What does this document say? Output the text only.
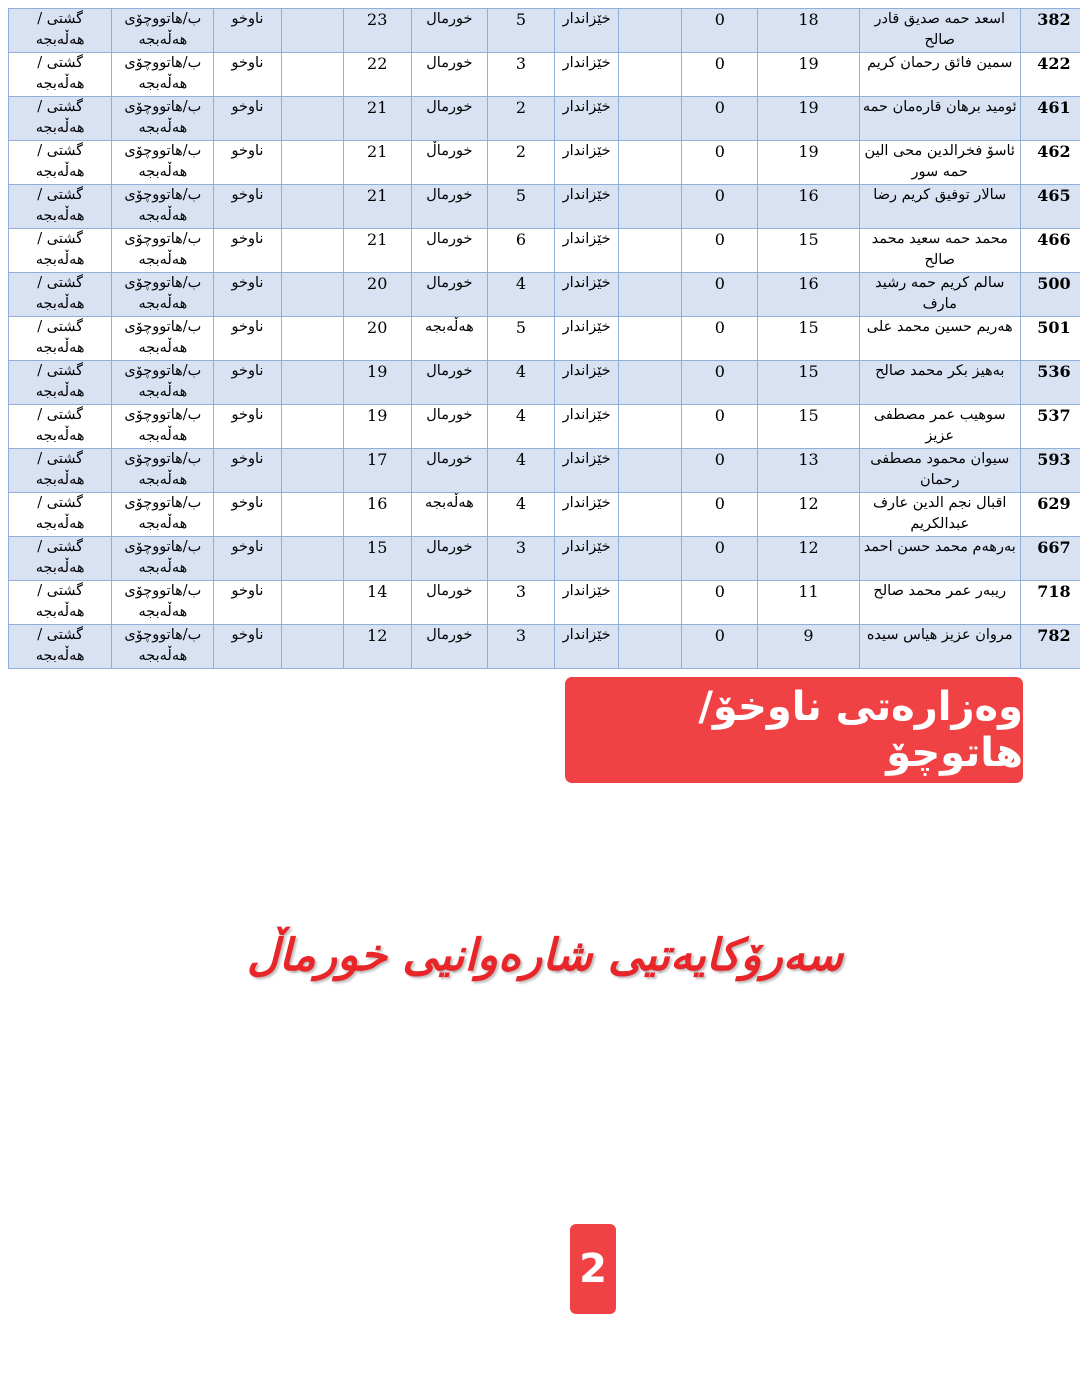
382	اسعد حمه صديق قادر صالح	18	0		خێزاندار	5	خورمال	23		ناوخو	ب/هاتووچۆی هەڵەبجە	گشتی / هەڵەبجە
422	سمين فائق رحمان كريم	19	0		خێزاندار	3	خورمال	22		ناوخو	ب/هاتووچۆی هەڵەبجە	گشتی / هەڵەبجە
461	ئوميد برهان قارەمان حمە	19	0		خێزاندار	2	خورمال	21		ناوخو	ب/هاتووچۆی هەڵەبجە	گشتی / هەڵەبجە
462	ئاسۆ فخرالدين محی الين حمه سور	19	0		خێزاندار	2	خورماڵ	21		ناوخو	ب/هاتووچۆی هەڵەبجە	گشتی / هەڵەبجە
465	سالار توفيق كريم رضا	16	0		خێزاندار	5	خورمال	21		ناوخو	ب/هاتووچۆی هەڵەبجە	گشتی / هەڵەبجە
466	محمد حمه سعيد محمد صالح	15	0		خێزاندار	6	خورمال	21		ناوخو	ب/هاتووچۆی هەڵەبجە	گشتی / هەڵەبجە
500	سالم كريم حمه رشيد مارف	16	0		خێزاندار	4	خورمال	20		ناوخو	ب/هاتووچۆی هەڵەبجە	گشتی / هەڵەبجە
501	هەریم حسين محمد علی	15	0		خێزاندار	5	هەڵەبجە	20		ناوخو	ب/هاتووچۆی هەڵەبجە	گشتی / هەڵەبجە
536	بەهيز بكر محمد صالح	15	0		خێزاندار	4	خورمال	19		ناوخو	ب/هاتووچۆی هەڵەبجە	گشتی / هەڵەبجە
537	سوهيب عمر مصطفى عزيز	15	0		خێزاندار	4	خورمال	19		ناوخو	ب/هاتووچۆی هەڵەبجە	گشتی / هەڵەبجە
593	سيوان محمود مصطفى رحمان	13	0		خێزاندار	4	خورمال	17		ناوخو	ب/هاتووچۆی هەڵەبجە	گشتی / هەڵەبجە
629	اقبال نجم الدين عارف عبدالكريم	12	0		خێزاندار	4	هەڵەبجە	16		ناوخو	ب/هاتووچۆی هەڵەبجە	گشتی / هەڵەبجە
667	بەرهەم محمد حسن احمد	12	0		خێزاندار	3	خورمال	15		ناوخو	ب/هاتووچۆی هەڵەبجە	گشتی / هەڵەبجە
718	ريبەر عمر محمد صالح	11	0		خێزاندار	3	خورمال	14		ناوخو	ب/هاتووچۆی هەڵەبجە	گشتی / هەڵەبجە
782	مروان عزيز هياس سيده	9	0		خێزاندار	3	خورمال	12		ناوخو	ب/هاتووچۆی هەڵەبجە	گشتی / هەڵەبجە
وەزارەتی ناوخۆ/ هاتوچۆ
سەرۆكایەتیی شارەوانیی خورماڵ
2
